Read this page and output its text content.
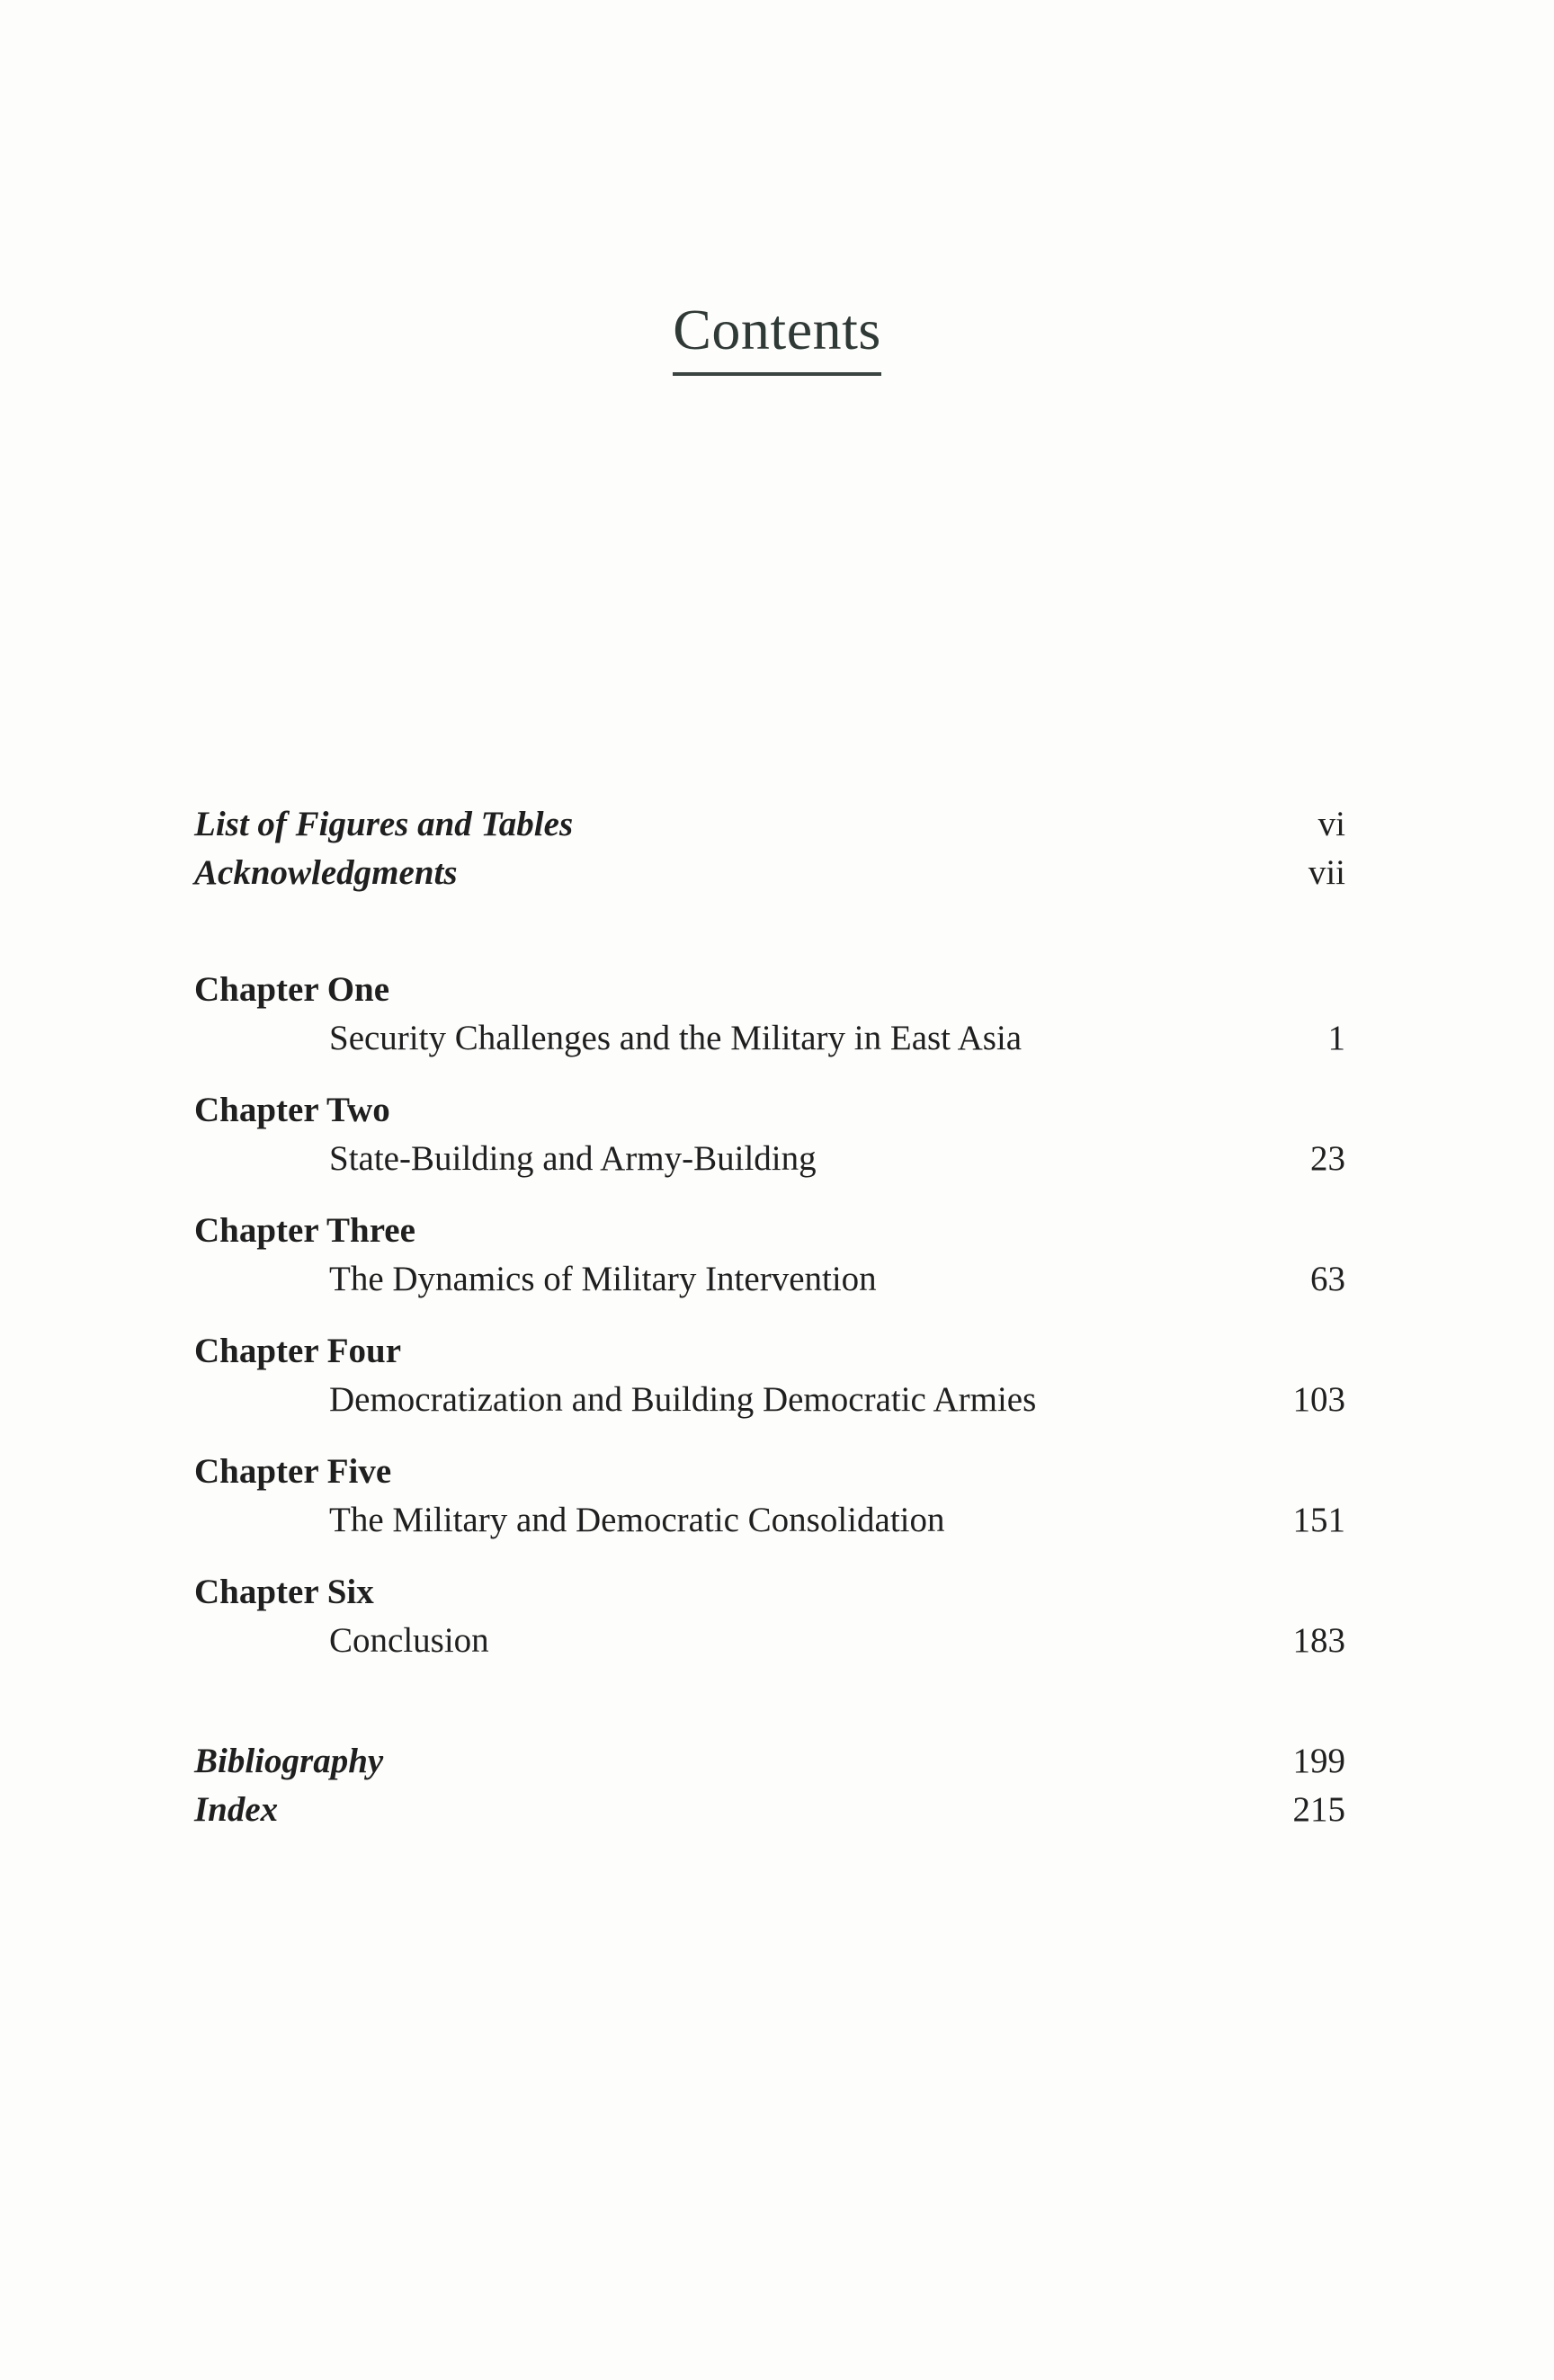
Contents
List of Figures and Tables	vi
Acknowledgments	vii
Chapter One
Security Challenges and the Military in East Asia	1
Chapter Two
State-Building and Army-Building	23
Chapter Three
The Dynamics of Military Intervention	63
Chapter Four
Democratization and Building Democratic Armies	103
Chapter Five
The Military and Democratic Consolidation	151
Chapter Six
Conclusion	183
Bibliography	199
Index	215
